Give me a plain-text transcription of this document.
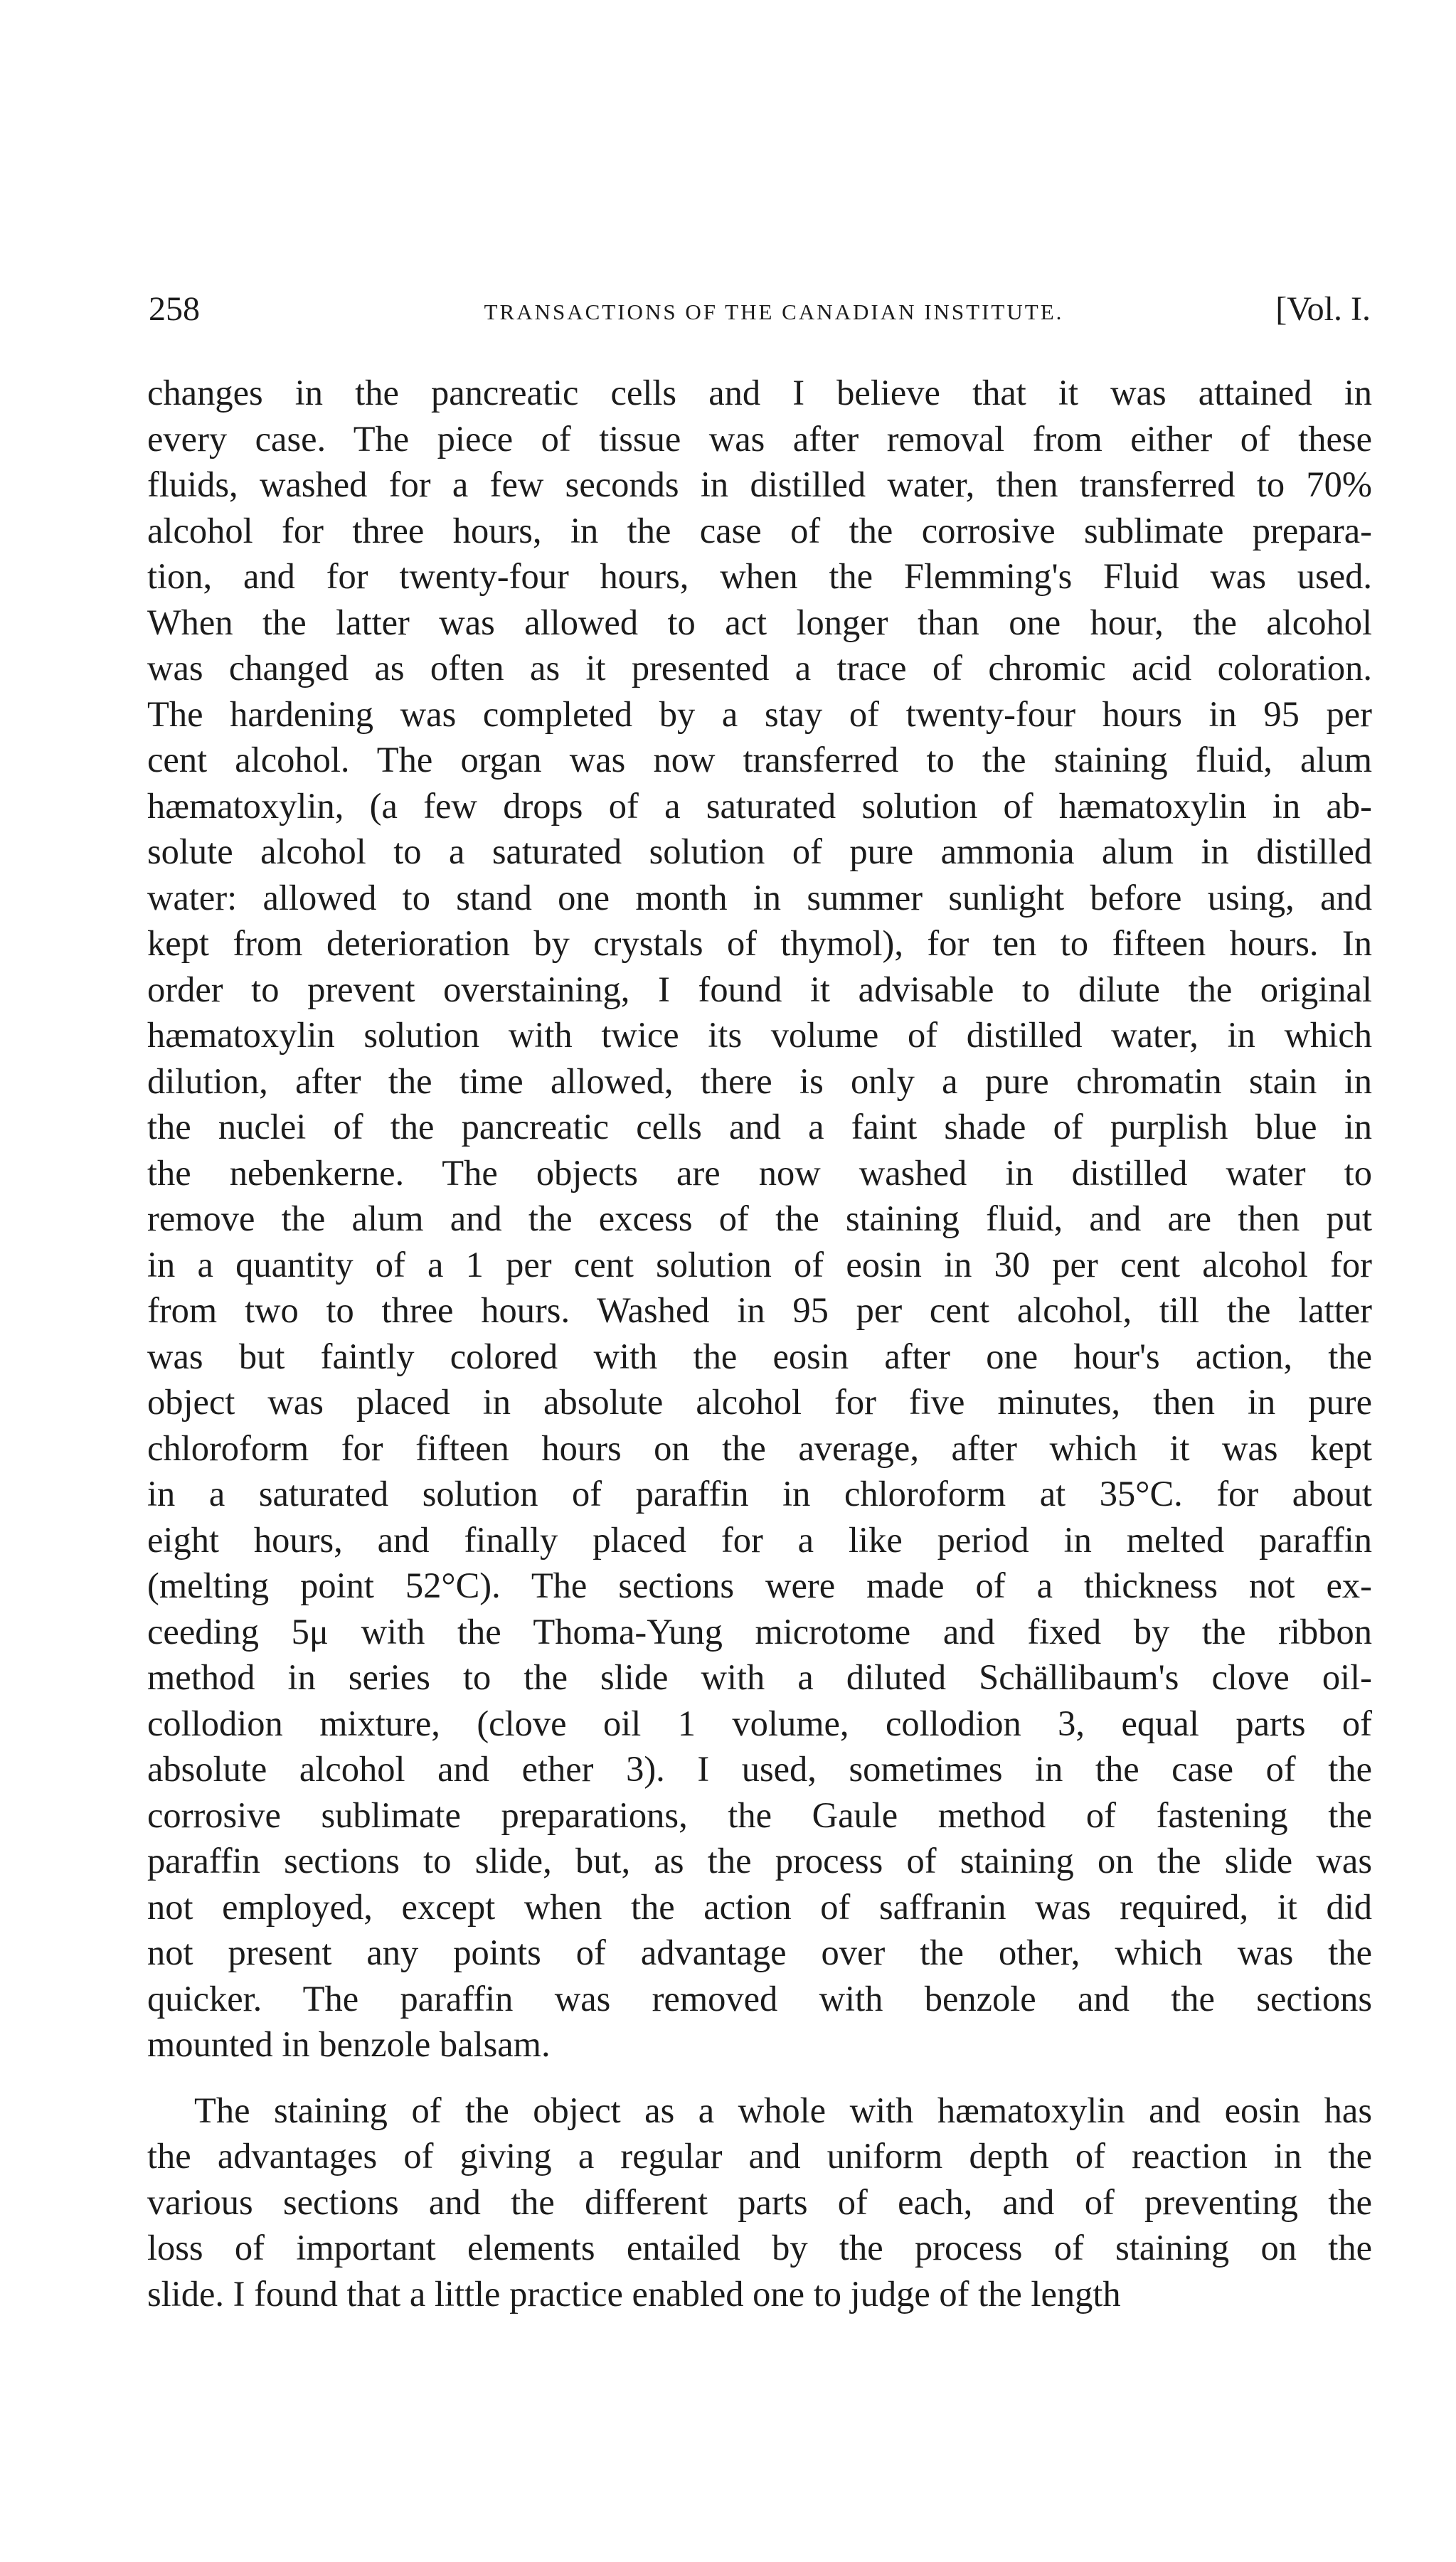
258	TRANSACTIONS OF THE CANADIAN INSTITUTE.	[Vol. I.

changes in the pancreatic cells and I believe that it was attained in
every case. The piece of tissue was after removal from either of these
fluids, washed for a few seconds in distilled water, then transferred to 70%
alcohol for three hours, in the case of the corrosive sublimate prepara-
tion, and for twenty-four hours, when the Flemming's Fluid was used.
When the latter was allowed to act longer than one hour, the alcohol
was changed as often as it presented a trace of chromic acid coloration.
The hardening was completed by a stay of twenty-four hours in 95 per
cent alcohol. The organ was now transferred to the staining fluid, alum
hæmatoxylin, (a few drops of a saturated solution of hæmatoxylin in ab-
solute alcohol to a saturated solution of pure ammonia alum in distilled
water: allowed to stand one month in summer sunlight before using, and
kept from deterioration by crystals of thymol), for ten to fifteen hours. In
order to prevent overstaining, I found it advisable to dilute the original
hæmatoxylin solution with twice its volume of distilled water, in which
dilution, after the time allowed, there is only a pure chromatin stain in
the nuclei of the pancreatic cells and a faint shade of purplish blue in
the nebenkerne. The objects are now washed in distilled water to
remove the alum and the excess of the staining fluid, and are then put
in a quantity of a 1 per cent solution of eosin in 30 per cent alcohol for
from two to three hours. Washed in 95 per cent alcohol, till the latter
was but faintly colored with the eosin after one hour's action, the
object was placed in absolute alcohol for five minutes, then in pure
chloroform for fifteen hours on the average, after which it was kept
in a saturated solution of paraffin in chloroform at 35°C. for about
eight hours, and finally placed for a like period in melted paraffin
(melting point 52°C). The sections were made of a thickness not ex-
ceeding 5μ with the Thoma-Yung microtome and fixed by the ribbon
method in series to the slide with a diluted Schällibaum's clove oil-
collodion mixture, (clove oil 1 volume, collodion 3, equal parts of
absolute alcohol and ether 3). I used, sometimes in the case of the
corrosive sublimate preparations, the Gaule method of fastening the
paraffin sections to slide, but, as the process of staining on the slide was
not employed, except when the action of saffranin was required, it did
not present any points of advantage over the other, which was the
quicker. The paraffin was removed with benzole and the sections
mounted in benzole balsam.

The staining of the object as a whole with hæmatoxylin and eosin has
the advantages of giving a regular and uniform depth of reaction in the
various sections and the different parts of each, and of preventing the
loss of important elements entailed by the process of staining on the
slide. I found that a little practice enabled one to judge of the length
